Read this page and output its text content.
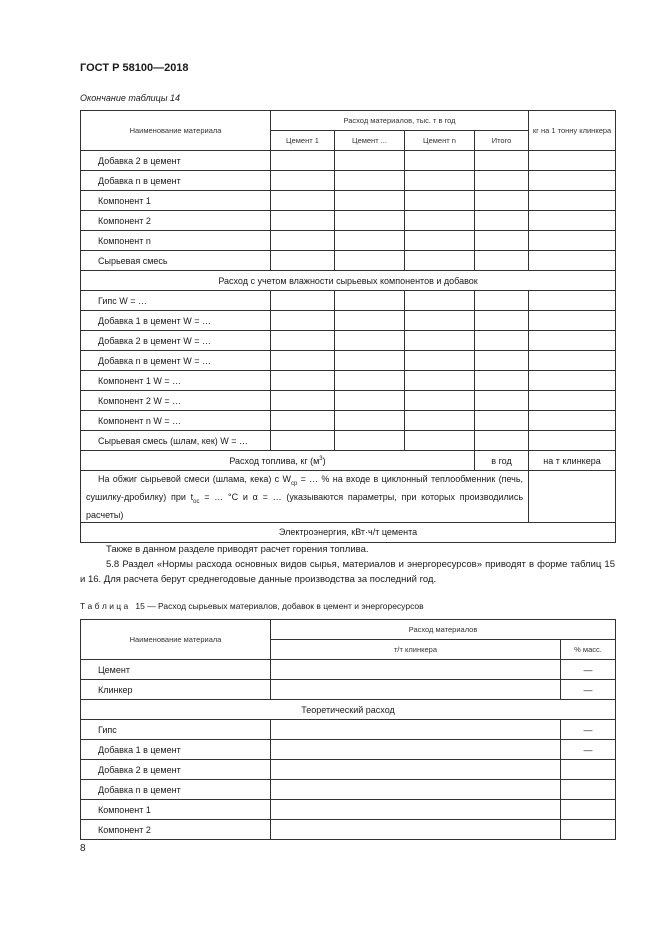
ГОСТ Р 58100—2018
Окончание таблицы 14
Наименование материала	Расход материалов, тыс. т в год				кг на 1 тонну клинкера
	Цемент 1	Цемент ...	Цемент n	Итого	
Добавка 2 в цемент					
Добавка n в цемент					
Компонент 1					
Компонент 2					
Компонент n					
Сырьевая смесь					
Расход с учетом влажности сырьевых компонентов и добавок					
Гипс W = …					
Добавка 1 в цемент W = …					
Добавка 2 в цемент W = …					
Добавка n в цемент W = …					
Компонент 1 W = …					
Компонент 2 W = …					
Компонент n W = …					
Сырьевая смесь (шлам, кек) W = …					
Расход топлива, кг $(м^3)$				в год	на т клинкера
На обжиг сырьевой смеси (шлама, кека) с $W_{ср}$ = … % на входе в циклонный теплообменник (печь, сушилку-дробилку) при $t_{ос}$ = … °С и α = … (указываются параметры, при которых производились расчеты)					
Электроэнергия, кВт·ч/т цемента					
Также в данном разделе приводят расчет горения топлива.
5.8 Раздел «Нормы расхода основных видов сырья, материалов и энергоресурсов» приводят в форме таблиц 15 и 16. Для расчета берут среднегодовые данные производства за последний год.
Т а б л и ц а   15 — Расход сырьевых материалов, добавок в цемент и энергоресурсов
Наименование материала	Расход материалов	
	т/т клинкера	% масс.
Цемент		—
Клинкер		—
Теоретический расход		
Гипс		—
Добавка 1 в цемент		—
Добавка 2 в цемент		
Добавка n в цемент		
Компонент 1		
Компонент 2		
8
